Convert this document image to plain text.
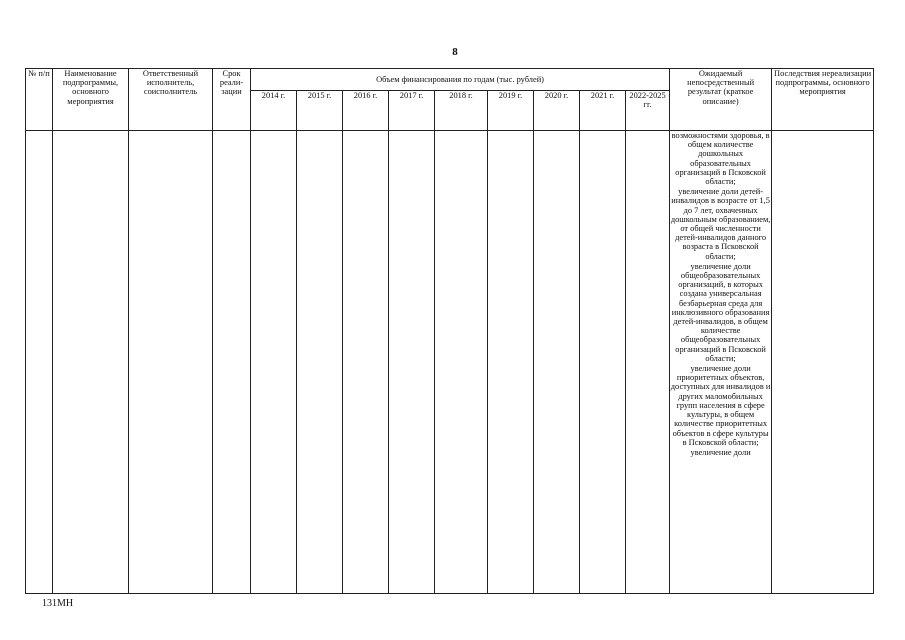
8
№ п/п	Наименование подпрограммы, основного мероприятия	Ответственный исполнитель, соисполнитель	Срок реали-зации	Объем финансирования по годам (тыс. рублей)									Ожидаемый непосредственный результат (краткое описание)	Последствия нереализации подпрограммы, основного мероприятия
				2014 г.	2015 г.	2016 г.	2017 г.	2018 г.	2019 г.	2020 г.	2021 г.	2022-2025 гг.		

													возможностями здоровья, в общем количестве дошкольных образовательных организаций в Псковской области;

увеличение доли детей-инвалидов в возрасте от 1,5 до 7 лет, охваченных дошкольным образованием, от общей численности детей-инвалидов данного возраста в Псковской области;

увеличение доли общеобразовательных организаций, в которых создана универсальная безбарьерная среда для инклюзивного образования детей-инвалидов, в общем количестве общеобразовательных организаций в Псковской области;

увеличение доли приоритетных объектов, доступных для инвалидов и других маломобильных групп населения в сфере культуры, в общем количестве приоритетных объектов в сфере культуры в Псковской области;

увеличение доли	

131МН
